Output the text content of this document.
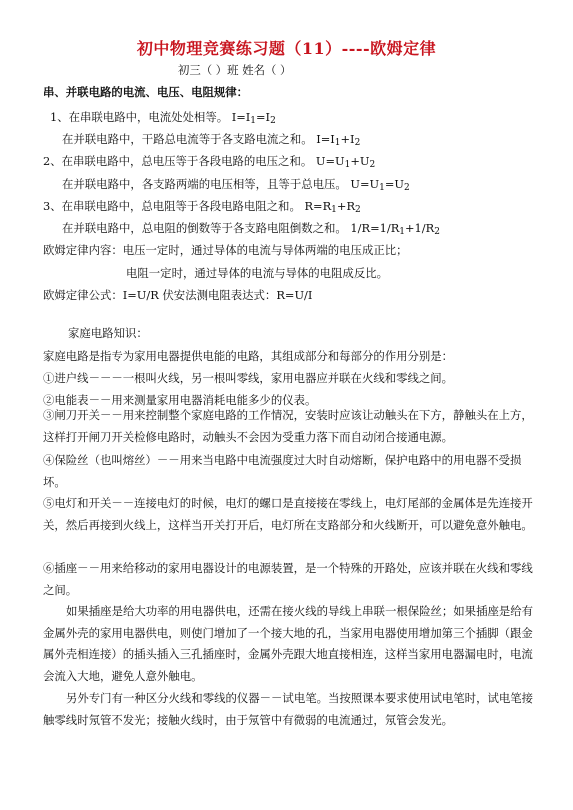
初中物理竞赛练习题（11）----欧姆定律
初三（ ）班 姓名（ ）
串、并联电路的电流、电压、电阻规律：
1、在串联电路中，电流处处相等。 $I=I_1=I_2$
在并联电路中，干路总电流等于各支路电流之和。 $I=I_1+I_2$
2、在串联电路中，总电压等于各段电路的电压之和。 $U=U_1+U_2$
在并联电路中，各支路两端的电压相等，且等于总电压。 $U=U_1=U_2$
3、在串联电路中，总电阻等于各段电路电阻之和。 $R=R_1+R_2$
在并联电路中，总电阻的倒数等于各支路电阻倒数之和。 $1/R=1/R_1+1/R_2$
欧姆定律内容：电压一定时，通过导体的电流与导体两端的电压成正比；
电阻一定时，通过导体的电流与导体的电阻成反比。
欧姆定律公式：I=U/R 伏安法测电阻表达式：R=U/I
家庭电路知识：
家庭电路是指专为家用电器提供电能的电路，其组成部分和每部分的作用分别是：
①进户线－－－一根叫火线，另一根叫零线，家用电器应并联在火线和零线之间。
②电能表－－用来测量家用电器消耗电能多少的仪表。
③闸刀开关－－用来控制整个家庭电路的工作情况，安装时应该让动触头在下方，静触头在上方，这样打开闸刀开关检修电路时，动触头不会因为受重力落下而自动闭合接通电源。
④保险丝（也叫熔丝）－－用来当电路中电流强度过大时自动熔断，保护电路中的用电器不受损坏。
⑤电灯和开关－－连接电灯的时候，电灯的螺口是直接接在零线上，电灯尾部的金属体是先连接开关，然后再接到火线上，这样当开关打开后，电灯所在支路部分和火线断开，可以避免意外触电。
⑥插座－－用来给移动的家用电器设计的电源装置，是一个特殊的开路处，应该并联在火线和零线之间。
如果插座是给大功率的用电器供电，还需在接火线的导线上串联一根保险丝；如果插座是给有金属外壳的家用电器供电，则使门增加了一个接大地的孔，当家用电器使用增加第三个插脚（跟金属外壳相连接）的插头插入三孔插座时，金属外壳跟大地直接相连，这样当家用电器漏电时，电流会流入大地，避免人意外触电。
另外专门有一种区分火线和零线的仪器－－试电笔。当按照课本要求使用试电笔时，试电笔接触零线时氖管不发光；接触火线时，由于氖管中有微弱的电流通过，氖管会发光。
